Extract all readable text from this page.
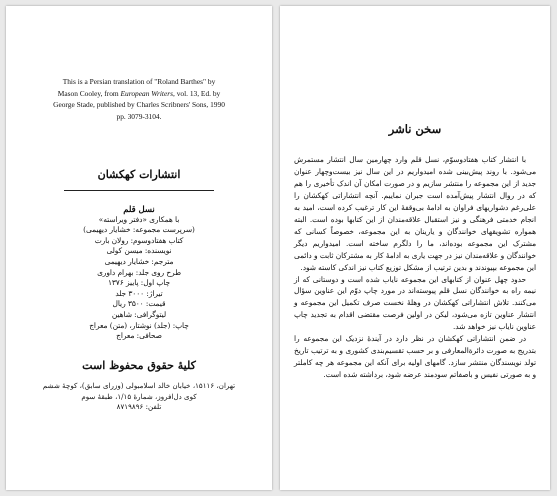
This is a Persian translation of "Roland Barthes" by
Mason Cooley, from European Writers, vol. 13, Ed. by
George Stade, published by Charles Scribners' Sons, 1990
pp. 3079-3104.
انتشارات کهکشان
نسل قلم
با همکاری «دفتر ویراسته»
(سرپرست مجموعه: خشایار دیهیمی)
کتاب هفتادوسوم: رولان بارت
نویسنده: میسن کولی
مترجم: خشایار دیهیمی
طرح روی جلد: بهرام داوری
چاپ اول: پاییز ۱۳۷۶
تیراژ: ۳۰۰۰ جلد
قیمت: ۳۵۰۰ ریال
لیتوگرافی: شاهین
چاپ: (جلد) نوشتار، (متن) معراج
صحافی: معراج
کلیهٔ حقوق محفوظ است
تهران، ۱۵۱۱۶، خیابان خالد اسلامبولی (وزرای سابق)، کوچهٔ ششم
کوی دل‌افروز، شمارهٔ ۱/۱۵، طبقهٔ سوم
تلفن: ۸۷۱۹۸۹۶
سخن ناشر

با انتشار کتاب هفتادوسوّم، نسل قلم وارد چهارمین سال انتشار مستمرش می‌شود. با روند پیش‌بینی شده امیدواریم در این سال نیز بیست‌وچهار عنوان جدید از این مجموعه را منتشر سازیم و در صورت امکان آن اندک تأخیری را هم که در روال انتشار پیش‌آمده است جبران نماییم. آنچه انتشاراتی کهکشان را علی‌رغم دشواریهای فراوان به ادامهٔ بی‌وقفهٔ این کار ترغیب کرده است، امید به انجام خدمتی فرهنگی و نیز استقبال علاقه‌مندان از این کتابها بوده است. البته همواره تشویقهای خوانندگان و یارینان به این مجموعه، خصوصاً کسانی که مشترک این مجموعه بوده‌اند، ما را دلگرم ساخته است. امیدواریم دیگر خوانندگان و علاقه‌مندان نیز در جهت یاری به ادامهٔ کار به مشترکان ثابت و دائمی این مجموعه بپیوندند و بدین ترتیب از مشکل توزیع کتاب نیز اندکی کاسته شود.

حدود چهل عنوان از کتابهای این مجموعه نایاب شده است و دوستانی که از نیمه راه به خوانندگان نسل قلم پیوسته‌اند در مورد چاپ دوّم این عناوین سؤال می‌کنند. تلاش انتشاراتی کهکشان در وهلهٔ نخست صرف تکمیل این مجموعه و انتشار عناوین تازه می‌شود، لیکن در اولین فرصت مقتضی اقدام به تجدید چاپ عناوین نایاب نیز خواهد شد.

در ضمن انتشاراتی کهکشان در نظر دارد در آیندهٔ نزدیک این مجموعه را بتدریج به صورت دائرةالمعارفی و بر حسب تقسیم‌بندی کشوری و به ترتیب تاریخ تولد نویسندگان منتشر سازد. گامهای اولیه برای آنکه این مجموعه هر چه کاملتر و به صورتی نفیس و باصفاتم سودمند عرضه شود، برداشته شده است.
